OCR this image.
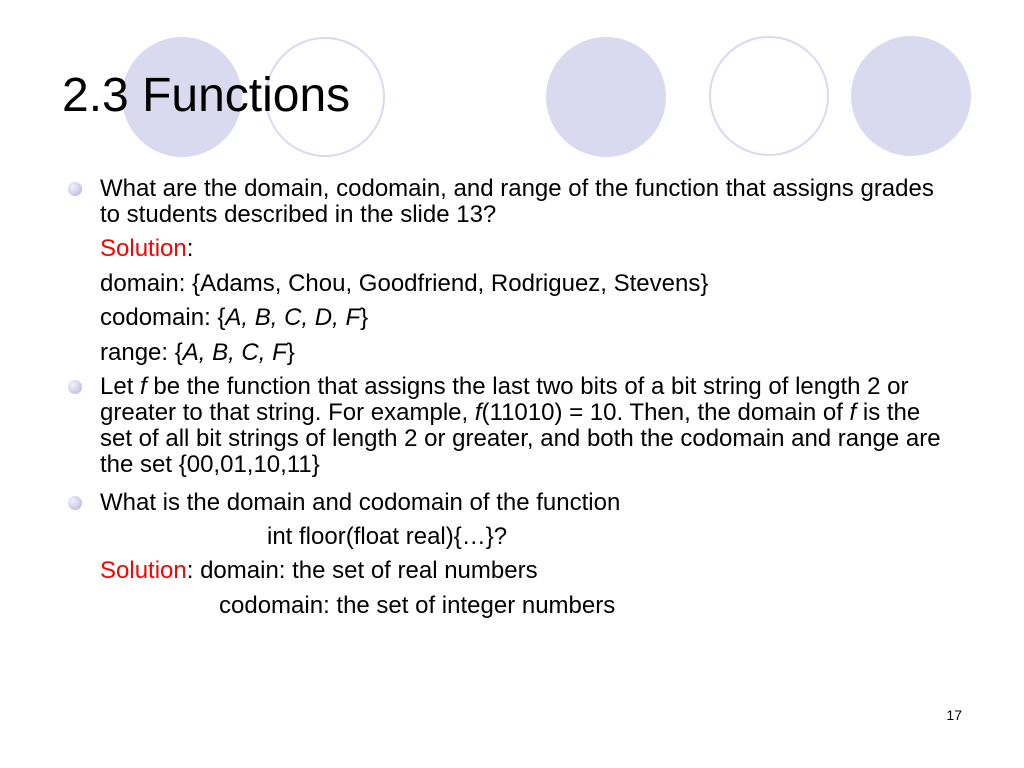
2.3 Functions
What are the domain, codomain, and range of the function that assigns grades to students described in the slide 13?
Solution:
domain: {Adams, Chou, Goodfriend, Rodriguez, Stevens}
codomain: {A, B, C, D, F}
range: {A, B, C, F}
Let f be the function that assigns the last two bits of a bit string of length 2 or greater to that string. For example, f(11010) = 10. Then, the domain of f is the set of all bit strings of length 2 or greater, and both the codomain and range are the set {00,01,10,11}
What is the domain and codomain of the function
int floor(float real){…}?
Solution: domain: the set of real numbers
codomain: the set of integer numbers
17
